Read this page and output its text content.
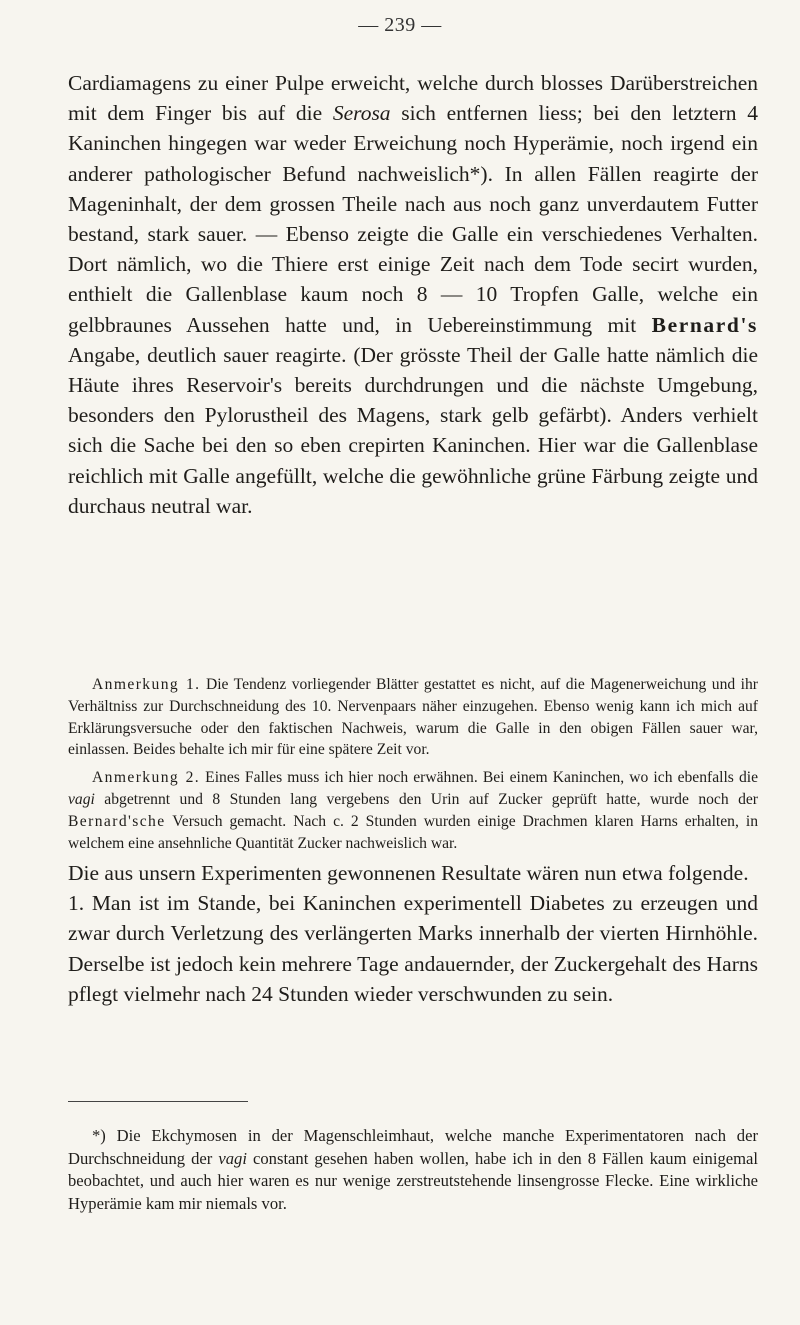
— 239 —

Cardiamagens zu einer Pulpe erweicht, welche durch blosses Darüberstreichen mit dem Finger bis auf die Serosa sich entfernen liess; bei den letztern 4 Kaninchen hingegen war weder Erweichung noch Hyperämie, noch irgend ein anderer pathologischer Befund nachweislich*). In allen Fällen reagirte der Mageninhalt, der dem grossen Theile nach aus noch ganz unverdautem Futter bestand, stark sauer. — Ebenso zeigte die Galle ein verschiedenes Verhalten. Dort nämlich, wo die Thiere erst einige Zeit nach dem Tode secirt wurden, enthielt die Gallenblase kaum noch 8 — 10 Tropfen Galle, welche ein gelbbraunes Aussehen hatte und, in Uebereinstimmung mit Bernard's Angabe, deutlich sauer reagirte. (Der grösste Theil der Galle hatte nämlich die Häute ihres Reservoir's bereits durchdrungen und die nächste Umgebung, besonders den Pylorustheil des Magens, stark gelb gefärbt). Anders verhielt sich die Sache bei den so eben crepirten Kaninchen. Hier war die Gallenblase reichlich mit Galle angefüllt, welche die gewöhnliche grüne Färbung zeigte und durchaus neutral war.

Anmerkung 1. Die Tendenz vorliegender Blätter gestattet es nicht, auf die Magenerweichung und ihr Verhältniss zur Durchschneidung des 10. Nervenpaars näher einzugehen. Ebenso wenig kann ich mich auf Erklärungsversuche oder den faktischen Nachweis, warum die Galle in den obigen Fällen sauer war, einlassen. Beides behalte ich mir für eine spätere Zeit vor.

Anmerkung 2. Eines Falles muss ich hier noch erwähnen. Bei einem Kaninchen, wo ich ebenfalls die vagi abgetrennt und 8 Stunden lang vergebens den Urin auf Zucker geprüft hatte, wurde noch der Bernard'sche Versuch gemacht. Nach c. 2 Stunden wurden einige Drachmen klaren Harns erhalten, in welchem eine ansehnliche Quantität Zucker nachweislich war.

Die aus unsern Experimenten gewonnenen Resultate wären nun etwa folgende.

1. Man ist im Stande, bei Kaninchen experimentell Diabetes zu erzeugen und zwar durch Verletzung des verlängerten Marks innerhalb der vierten Hirnhöhle. Derselbe ist jedoch kein mehrere Tage andauernder, der Zuckergehalt des Harns pflegt vielmehr nach 24 Stunden wieder verschwunden zu sein.

*) Die Ekchymosen in der Magenschleimhaut, welche manche Experimentatoren nach der Durchschneidung der vagi constant gesehen haben wollen, habe ich in den 8 Fällen kaum einigemal beobachtet, und auch hier waren es nur wenige zerstreutstehende linsengrosse Flecke. Eine wirkliche Hyperämie kam mir niemals vor.
